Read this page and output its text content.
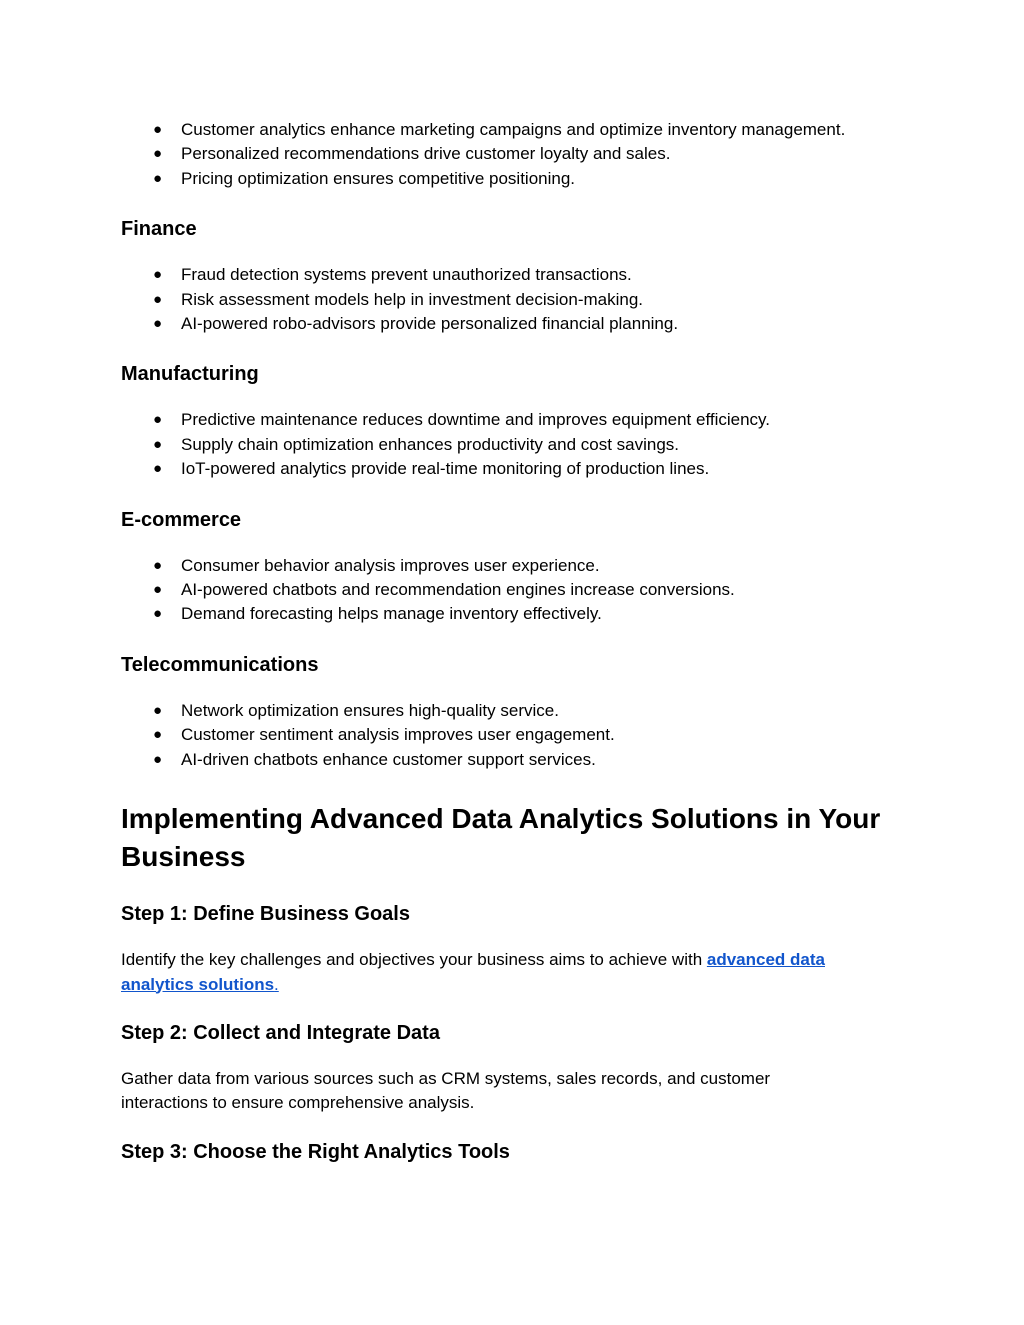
● Customer analytics enhance marketing campaigns and optimize inventory management.
● Personalized recommendations drive customer loyalty and sales.
● Pricing optimization ensures competitive positioning.
Finance
● Fraud detection systems prevent unauthorized transactions.
● Risk assessment models help in investment decision-making.
● AI-powered robo-advisors provide personalized financial planning.
Manufacturing
● Predictive maintenance reduces downtime and improves equipment efficiency.
● Supply chain optimization enhances productivity and cost savings.
● IoT-powered analytics provide real-time monitoring of production lines.
E-commerce
● Consumer behavior analysis improves user experience.
● AI-powered chatbots and recommendation engines increase conversions.
● Demand forecasting helps manage inventory effectively.
Telecommunications
● Network optimization ensures high-quality service.
● Customer sentiment analysis improves user engagement.
● AI-driven chatbots enhance customer support services.
Implementing Advanced Data Analytics Solutions in Your
Business
Step 1: Define Business Goals

Identify the key challenges and objectives your business aims to achieve with advanced data
analytics solutions.

Step 2: Collect and Integrate Data

Gather data from various sources such as CRM systems, sales records, and customer
interactions to ensure comprehensive analysis.

Step 3: Choose the Right Analytics Tools
